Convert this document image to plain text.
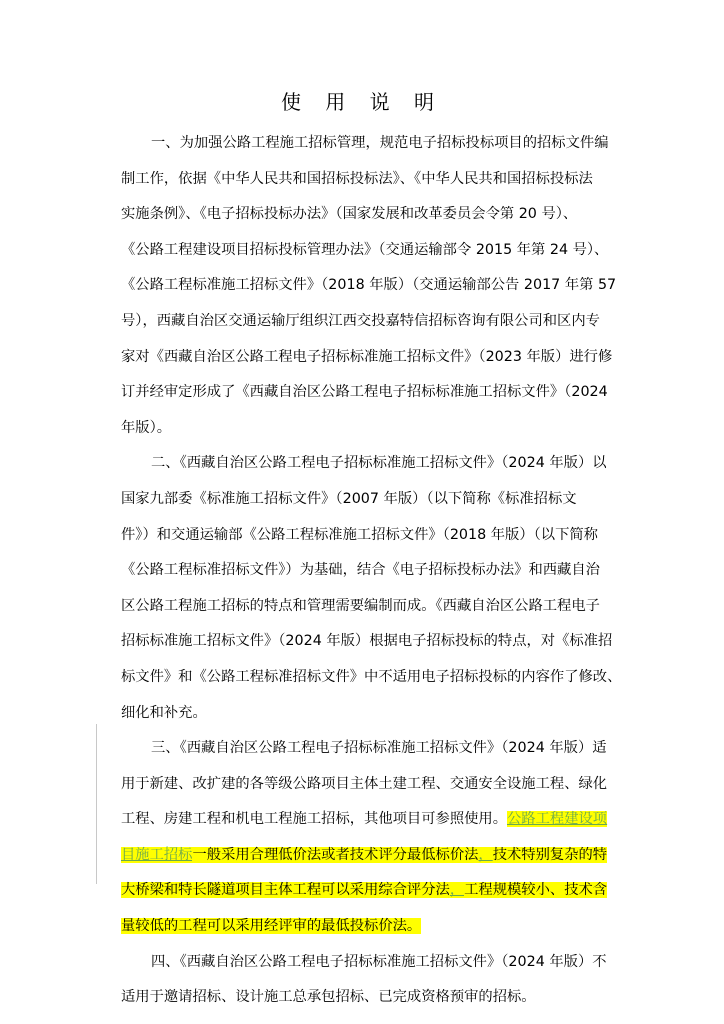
使 用 说 明
一、为加强公路工程施工招标管理，规范电子招标投标项目的招标文件编
制工作，依据《中华人民共和国招标投标法》、《中华人民共和国招标投标法
实施条例》、《电子招标投标办法》（国家发展和改革委员会令第 20 号）、
《公路工程建设项目招标投标管理办法》（交通运输部令 2015 年第 24 号）、
《公路工程标准施工招标文件》（2018 年版）（交通运输部公告 2017 年第 57
号），西藏自治区交通运输厅组织江西交投嘉特信招标咨询有限公司和区内专
家对《西藏自治区公路工程电子招标标准施工招标文件》（2023 年版）进行修
订并经审定形成了《西藏自治区公路工程电子招标标准施工招标文件》（2024
年版）。
二、《西藏自治区公路工程电子招标标准施工招标文件》（2024 年版）以
国家九部委《标准施工招标文件》（2007 年版）（以下简称《标准招标文
件》）和交通运输部《公路工程标准施工招标文件》（2018 年版）（以下简称
《公路工程标准招标文件》）为基础，结合《电子招标投标办法》和西藏自治
区公路工程施工招标的特点和管理需要编制而成。《西藏自治区公路工程电子
招标标准施工招标文件》（2024 年版）根据电子招标投标的特点，对《标准招
标文件》和《公路工程标准招标文件》中不适用电子招标投标的内容作了修改、
细化和补充。
三、《西藏自治区公路工程电子招标标准施工招标文件》（2024 年版）适
用于新建、改扩建的各等级公路项目主体土建工程、交通安全设施工程、绿化
工程、房建工程和机电工程施工招标，其他项目可参照使用。公路工程建设项
目施工招标一般采用合理低价法或者技术评分最低标价法，技术特别复杂的特
大桥梁和特长隧道项目主体工程可以采用综合评分法，工程规模较小、技术含
量较低的工程可以采用经评审的最低投标价法。
四、《西藏自治区公路工程电子招标标准施工招标文件》（2024 年版）不
适用于邀请招标、设计施工总承包招标、已完成资格预审的招标。
